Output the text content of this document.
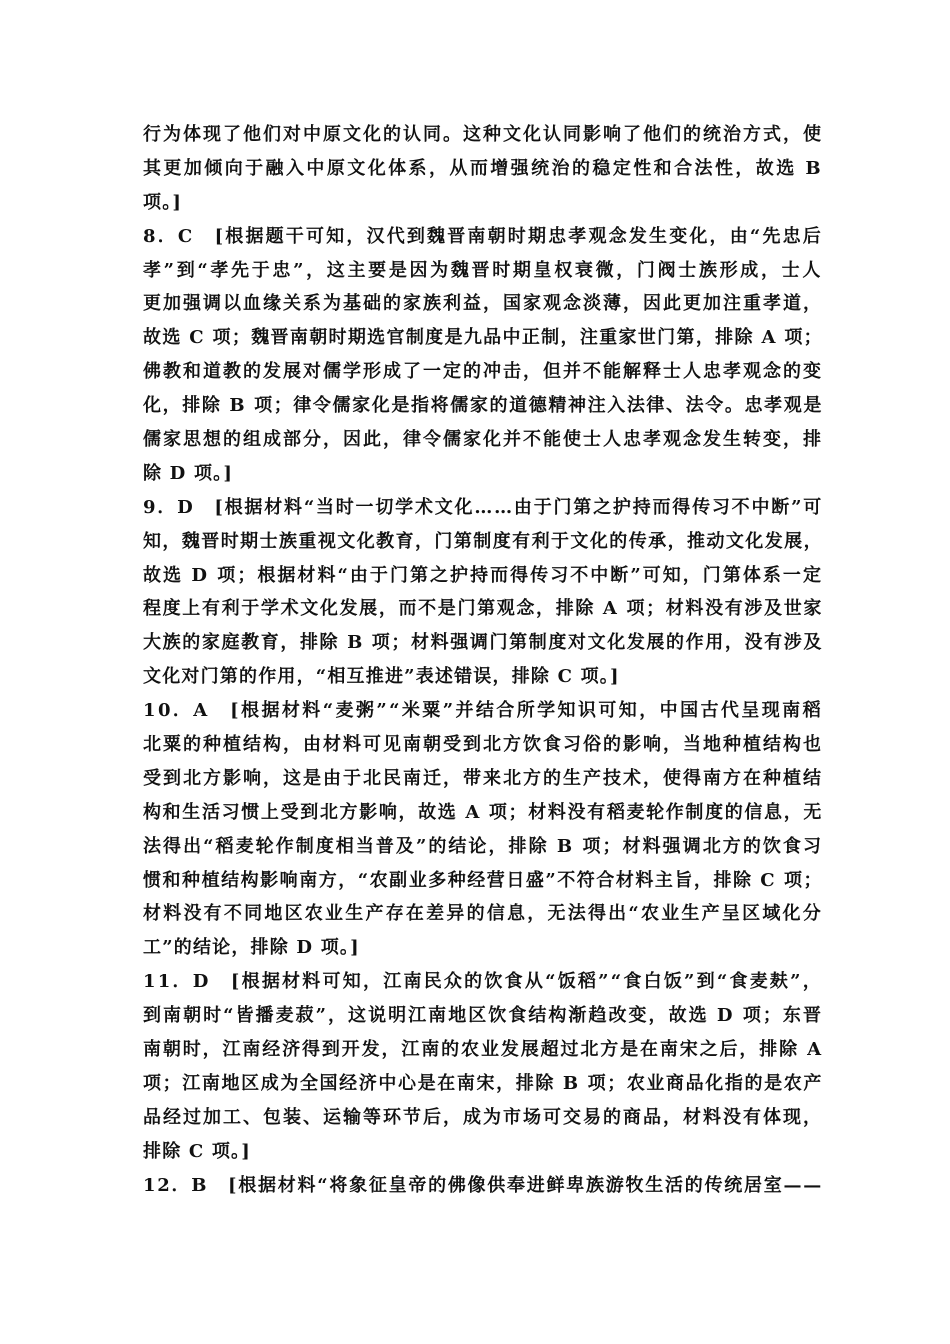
行为体现了他们对中原文化的认同。这种文化认同影响了他们的统治方式，使
其更加倾向于融入中原文化体系，从而增强统治的稳定性和合法性，故选 B
项。]
8．C　[根据题干可知，汉代到魏晋南朝时期忠孝观念发生变化，由“先忠后
孝”到“孝先于忠”，这主要是因为魏晋时期皇权衰微，门阀士族形成，士人
更加强调以血缘关系为基础的家族利益，国家观念淡薄，因此更加注重孝道，
故选 C 项；魏晋南朝时期选官制度是九品中正制，注重家世门第，排除 A 项；
佛教和道教的发展对儒学形成了一定的冲击，但并不能解释士人忠孝观念的变
化，排除 B 项；律令儒家化是指将儒家的道德精神注入法律、法令。忠孝观是
儒家思想的组成部分，因此，律令儒家化并不能使士人忠孝观念发生转变，排
除 D 项。]
9．D　[根据材料“当时一切学术文化……由于门第之护持而得传习不中断”可
知，魏晋时期士族重视文化教育，门第制度有利于文化的传承，推动文化发展，
故选 D 项；根据材料“由于门第之护持而得传习不中断”可知，门第体系一定
程度上有利于学术文化发展，而不是门第观念，排除 A 项；材料没有涉及世家
大族的家庭教育，排除 B 项；材料强调门第制度对文化发展的作用，没有涉及
文化对门第的作用，“相互推进”表述错误，排除 C 项。]
10．A　[根据材料“麦粥”“米粟”并结合所学知识可知，中国古代呈现南稻
北粟的种植结构，由材料可见南朝受到北方饮食习俗的影响，当地种植结构也
受到北方影响，这是由于北民南迁，带来北方的生产技术，使得南方在种植结
构和生活习惯上受到北方影响，故选 A 项；材料没有稻麦轮作制度的信息，无
法得出“稻麦轮作制度相当普及”的结论，排除 B 项；材料强调北方的饮食习
惯和种植结构影响南方，“农副业多种经营日盛”不符合材料主旨，排除 C 项；
材料没有不同地区农业生产存在差异的信息，无法得出“农业生产呈区域化分
工”的结论，排除 D 项。]
11．D　[根据材料可知，江南民众的饮食从“饭稻”“食白饭”到“食麦麸”，
到南朝时“皆播麦菽”，这说明江南地区饮食结构渐趋改变，故选 D 项；东晋
南朝时，江南经济得到开发，江南的农业发展超过北方是在南宋之后，排除 A
项；江南地区成为全国经济中心是在南宋，排除 B 项；农业商品化指的是农产
品经过加工、包装、运输等环节后，成为市场可交易的商品，材料没有体现，
排除 C 项。]
12．B　[根据材料“将象征皇帝的佛像供奉进鲜卑族游牧生活的传统居室——
